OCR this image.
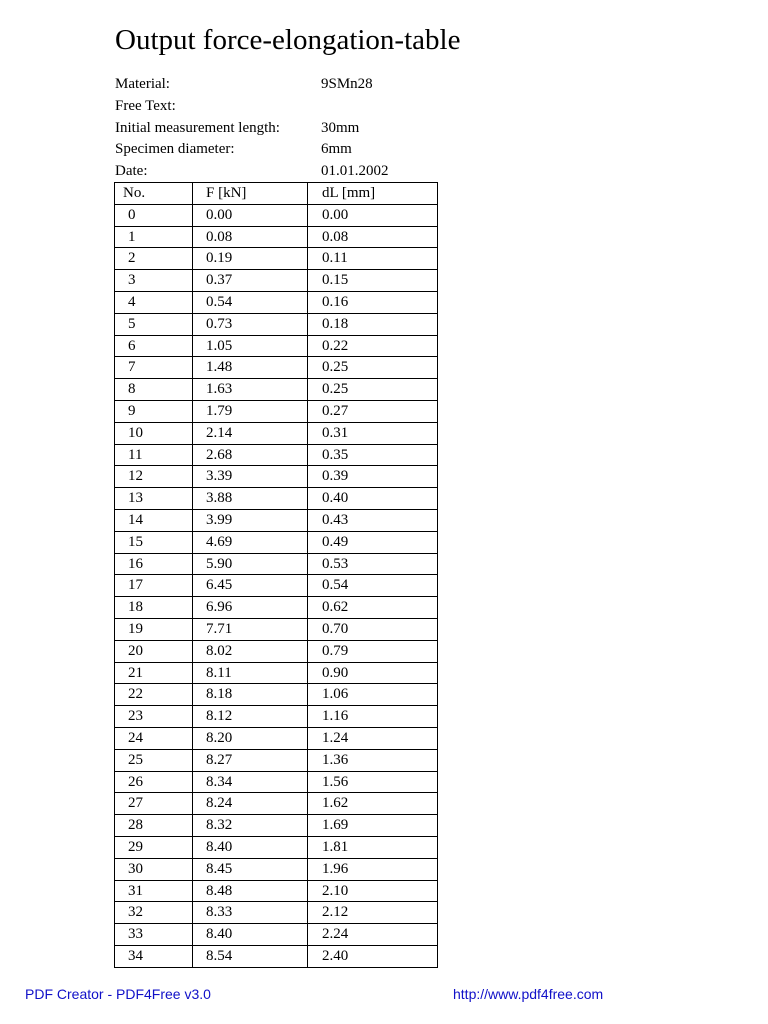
Output force-elongation-table
Material:	9SMn28
Free Text:
Initial measurement length:	30mm
Specimen diameter:	6mm
Date:	01.01.2002
No.	F [kN]	dL [mm]
0	0.00	0.00
1	0.08	0.08
2	0.19	0.11
3	0.37	0.15
4	0.54	0.16
5	0.73	0.18
6	1.05	0.22
7	1.48	0.25
8	1.63	0.25
9	1.79	0.27
10	2.14	0.31
11	2.68	0.35
12	3.39	0.39
13	3.88	0.40
14	3.99	0.43
15	4.69	0.49
16	5.90	0.53
17	6.45	0.54
18	6.96	0.62
19	7.71	0.70
20	8.02	0.79
21	8.11	0.90
22	8.18	1.06
23	8.12	1.16
24	8.20	1.24
25	8.27	1.36
26	8.34	1.56
27	8.24	1.62
28	8.32	1.69
29	8.40	1.81
30	8.45	1.96
31	8.48	2.10
32	8.33	2.12
33	8.40	2.24
34	8.54	2.40
PDF Creator - PDF4Free v3.0	http://www.pdf4free.com
